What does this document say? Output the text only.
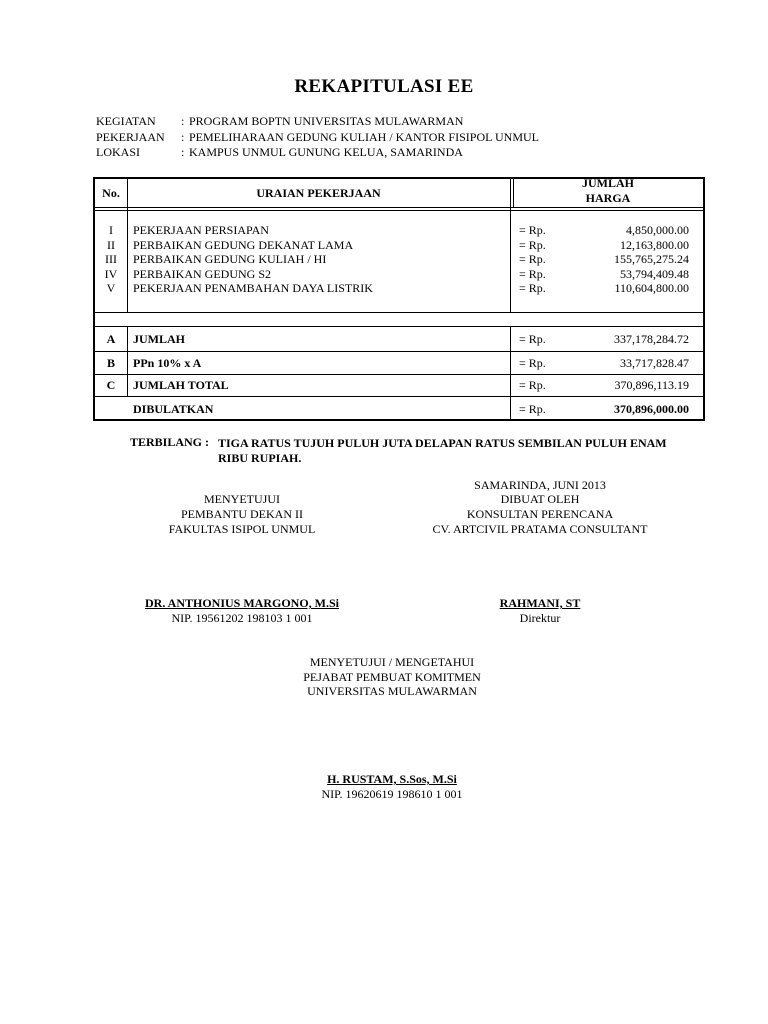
REKAPITULASI EE
KEGIATAN	: PROGRAM BOPTN UNIVERSITAS MULAWARMAN
PEKERJAAN	: PEMELIHARAAN GEDUNG KULIAH / KANTOR FISIPOL UNMUL
LOKASI	: KAMPUS UNMUL GUNUNG KELUA, SAMARINDA
No.	URAIAN PEKERJAAN
JUMLAH
HARGA
I	PEKERJAAN PERSIAPAN	= Rp.	4,850,000.00
II	PERBAIKAN GEDUNG DEKANAT LAMA	= Rp.	12,163,800.00
III	PERBAIKAN GEDUNG KULIAH / HI	= Rp.	155,765,275.24
IV	PERBAIKAN GEDUNG S2	= Rp.	53,794,409.48
V	PEKERJAAN PENAMBAHAN DAYA LISTRIK	= Rp.	110,604,800.00
A	JUMLAH	= Rp.	337,178,284.72
B	PPn 10% x A	= Rp.	33,717,828.47
C	JUMLAH TOTAL	= Rp.	370,896,113.19
DIBULATKAN	= Rp.	370,896,000.00
TERBILANG : TIGA RATUS TUJUH PULUH JUTA DELAPAN RATUS SEMBILAN PULUH ENAM RIBU RUPIAH.
SAMARINDA, JUNI 2013
MENYETUJUI
PEMBANTU DEKAN II
FAKULTAS ISIPOL UNMUL
DR. ANTHONIUS MARGONO, M.Si
NIP. 19561202 198103 1 001
DIBUAT OLEH
KONSULTAN PERENCANA
CV. ARTCIVIL PRATAMA CONSULTANT
RAHMANI, ST
Direktur
MENYETUJUI / MENGETAHUI
PEJABAT PEMBUAT KOMITMEN
UNIVERSITAS MULAWARMAN
H. RUSTAM, S.Sos, M.Si
NIP. 19620619 198610 1 001
